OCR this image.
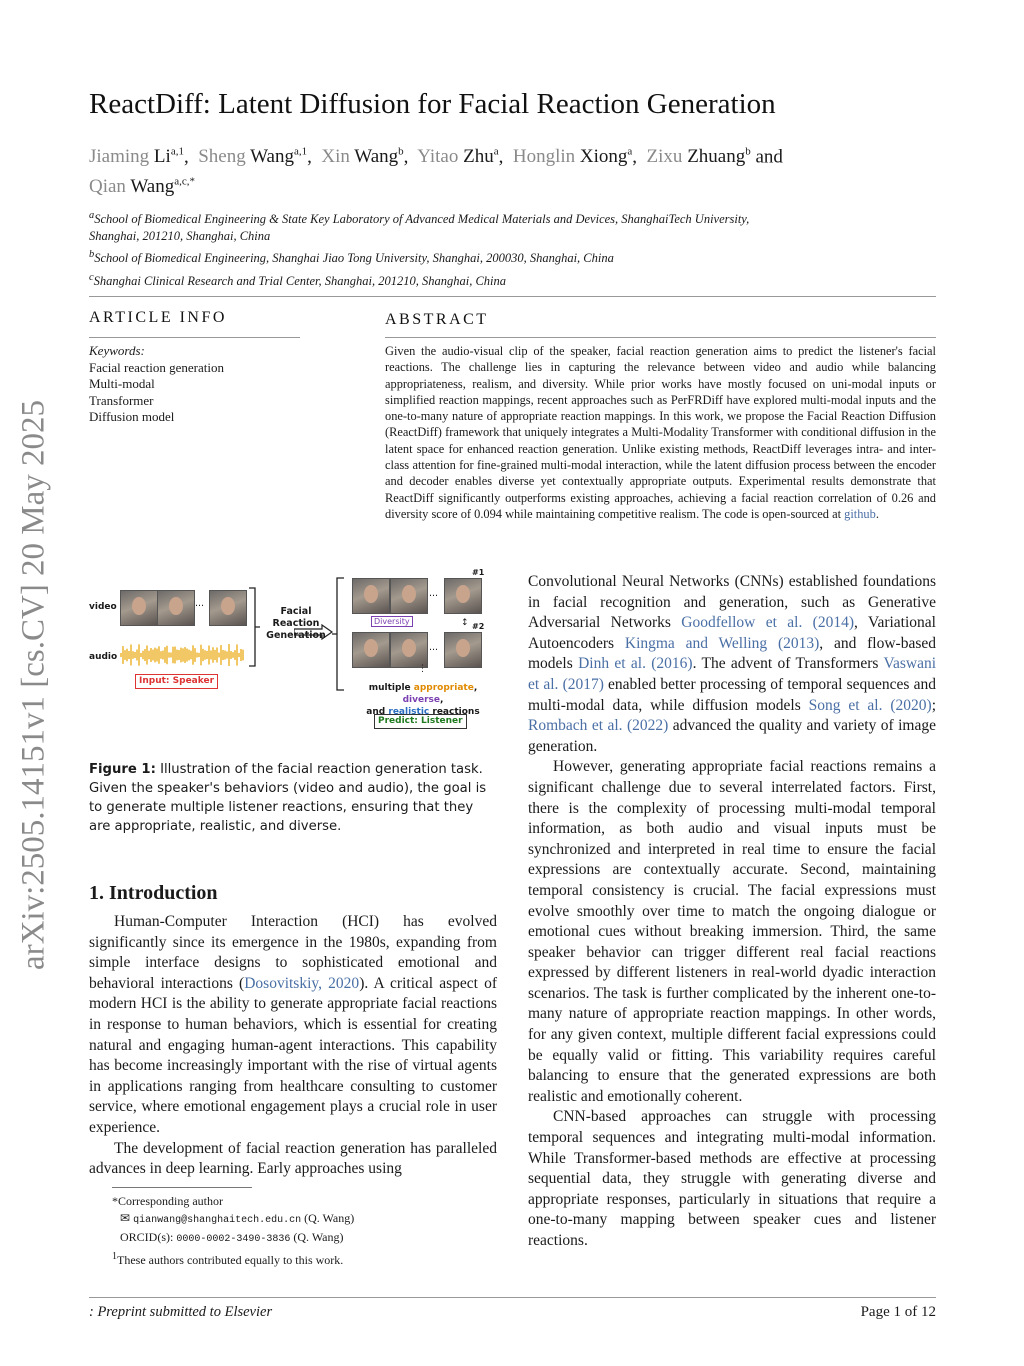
arXiv:2505.14151v1 [cs.CV] 20 May 2025
ReactDiff: Latent Diffusion for Facial Reaction Generation
Jiaming Li$^{a,1}$,  Sheng Wang$^{a,1}$,  Xin Wang$^b$,  Yitao Zhu$^a$,  Honglin Xiong$^a$,  Zixu Zhuang$^b$ and
Qian Wang$^{a,c,*}$
$^a$School of Biomedical Engineering & State Key Laboratory of Advanced Medical Materials and Devices, ShanghaiTech University, Shanghai, 201210, Shanghai, China
$^b$School of Biomedical Engineering, Shanghai Jiao Tong University, Shanghai, 200030, Shanghai, China
$^c$Shanghai Clinical Research and Trial Center, Shanghai, 201210, Shanghai, China
ARTICLE INFO	ABSTRACT
Keywords:
Facial reaction generation
Multi-modal
Transformer
Diffusion model
Given the audio-visual clip of the speaker, facial reaction generation aims to predict the listener's facial reactions. The challenge lies in capturing the relevance between video and audio while balancing appropriateness, realism, and diversity. While prior works have mostly focused on uni-modal inputs or simplified reaction mappings, recent approaches such as PerFRDiff have explored multi-modal inputs and the one-to-many nature of appropriate reaction mappings. In this work, we propose the Facial Reaction Diffusion (ReactDiff) framework that uniquely integrates a Multi-Modality Transformer with conditional diffusion in the latent space for enhanced reaction generation. Unlike existing methods, ReactDiff leverages intra- and inter-class attention for fine-grained multi-modal interaction, while the latent diffusion process between the encoder and decoder enables diverse yet contextually appropriate outputs. Experimental results demonstrate that ReactDiff significantly outperforms existing approaches, achieving a facial reaction correlation of 0.26 and diversity score of 0.094 while maintaining competitive realism. The code is open-sourced at github.
video
audio
...
Input: Speaker
Facial Reaction Generation
...
#1
Diversity	↕ #2
...
⋮
multiple appropriate, diverse,
and realistic reactions
Predict: Listener
Figure 1: Illustration of the facial reaction generation task. Given the speaker's behaviors (video and audio), the goal is to generate multiple listener reactions, ensuring that they are appropriate, realistic, and diverse.
1. Introduction

Human-Computer Interaction (HCI) has evolved significantly since its emergence in the 1980s, expanding from simple interface designs to sophisticated emotional and behavioral interactions (Dosovitskiy, 2020). A critical aspect of modern HCI is the ability to generate appropriate facial reactions in response to human behaviors, which is essential for creating natural and engaging human-agent interactions. This capability has become increasingly important with the rise of virtual agents in applications ranging from healthcare consulting to customer service, where emotional engagement plays a crucial role in user experience.

The development of facial reaction generation has paralleled advances in deep learning. Early approaches using

*Corresponding author
✉ qianwang@shanghaitech.edu.cn (Q. Wang)
ORCID(s): 0000-0002-3490-3836 (Q. Wang)
$^1$These authors contributed equally to this work.

Convolutional Neural Networks (CNNs) established foundations in facial recognition and generation, such as Generative Adversarial Networks Goodfellow et al. (2014), Variational Autoencoders Kingma and Welling (2013), and flow-based models Dinh et al. (2016). The advent of Transformers Vaswani et al. (2017) enabled better processing of temporal sequences and multi-modal data, while diffusion models Song et al. (2020); Rombach et al. (2022) advanced the quality and variety of image generation.

However, generating appropriate facial reactions remains a significant challenge due to several interrelated factors. First, there is the complexity of processing multi-modal temporal information, as both audio and visual inputs must be synchronized and interpreted in real time to ensure the facial expressions are contextually accurate. Second, maintaining temporal consistency is crucial. The facial expressions must evolve smoothly over time to match the ongoing dialogue or emotional cues without breaking immersion. Third, the same speaker behavior can trigger different real facial reactions expressed by different listeners in real-world dyadic interaction scenarios. The task is further complicated by the inherent one-to-many nature of appropriate reaction mappings. In other words, for any given context, multiple different facial expressions could be equally valid or fitting. This variability requires careful balancing to ensure that the generated expressions are both realistic and emotionally coherent.

CNN-based approaches can struggle with processing temporal sequences and integrating multi-modal information. While Transformer-based methods are effective at processing sequential data, they struggle with generating diverse and appropriate responses, particularly in situations that require a one-to-many mapping between speaker cues and listener reactions.

: Preprint submitted to Elsevier	Page 1 of 12
